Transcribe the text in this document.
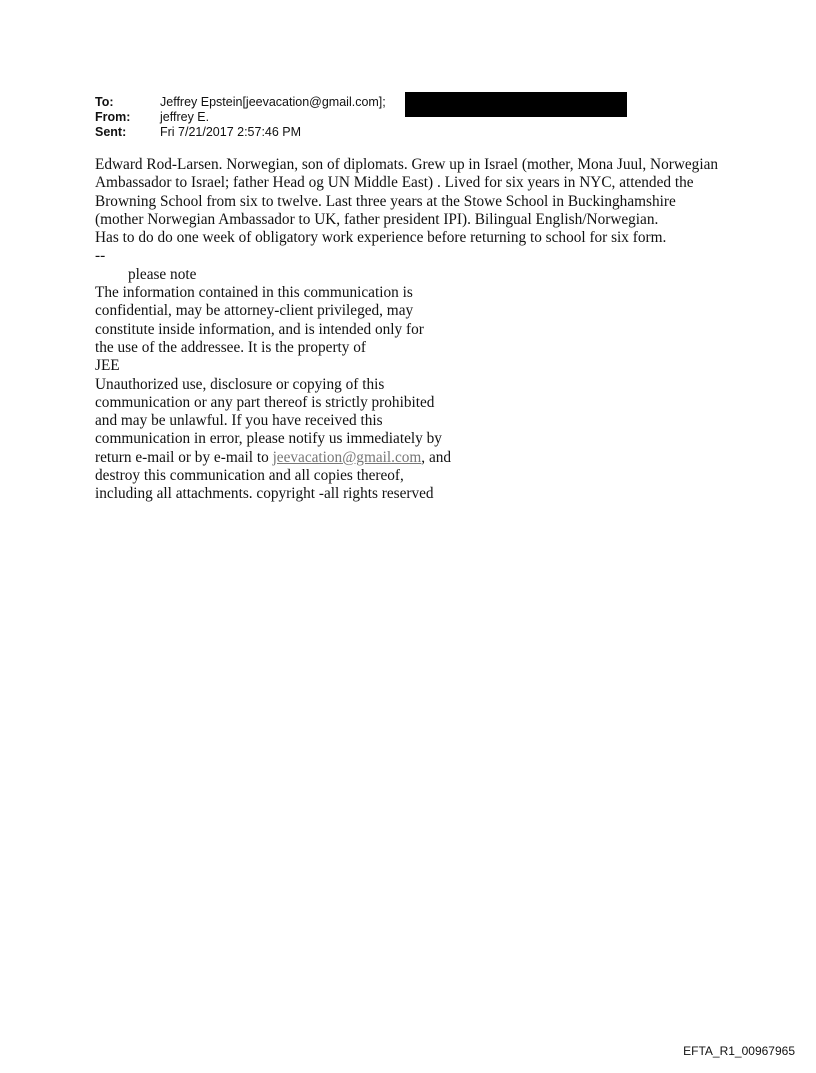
To:	Jeffrey Epstein[jeevacation@gmail.com];
From:	jeffrey E.
Sent:	Fri 7/21/2017 2:57:46 PM

Edward Rod-Larsen. Norwegian, son of diplomats. Grew up in Israel (mother, Mona Juul, Norwegian Ambassador to Israel; father Head og UN Middle East) . Lived for six years in NYC, attended the Browning School from six to twelve. Last three years at the Stowe School in Buckinghamshire (mother Norwegian Ambassador to UK, father president IPI). Bilingual English/Norwegian.

Has to do do one week of obligatory work experience before returning to school for six form.

--

please note

The information contained in this communication is

confidential, may be attorney-client privileged, may

constitute inside information, and is intended only for

the use of the addressee. It is the property of

JEE

Unauthorized use, disclosure or copying of this

communication or any part thereof is strictly prohibited

and may be unlawful. If you have received this

communication in error, please notify us immediately by

return e-mail or by e-mail to jeevacation@gmail.com, and

destroy this communication and all copies thereof,

including all attachments. copyright -all rights reserved

EFTA_R1_00967965
